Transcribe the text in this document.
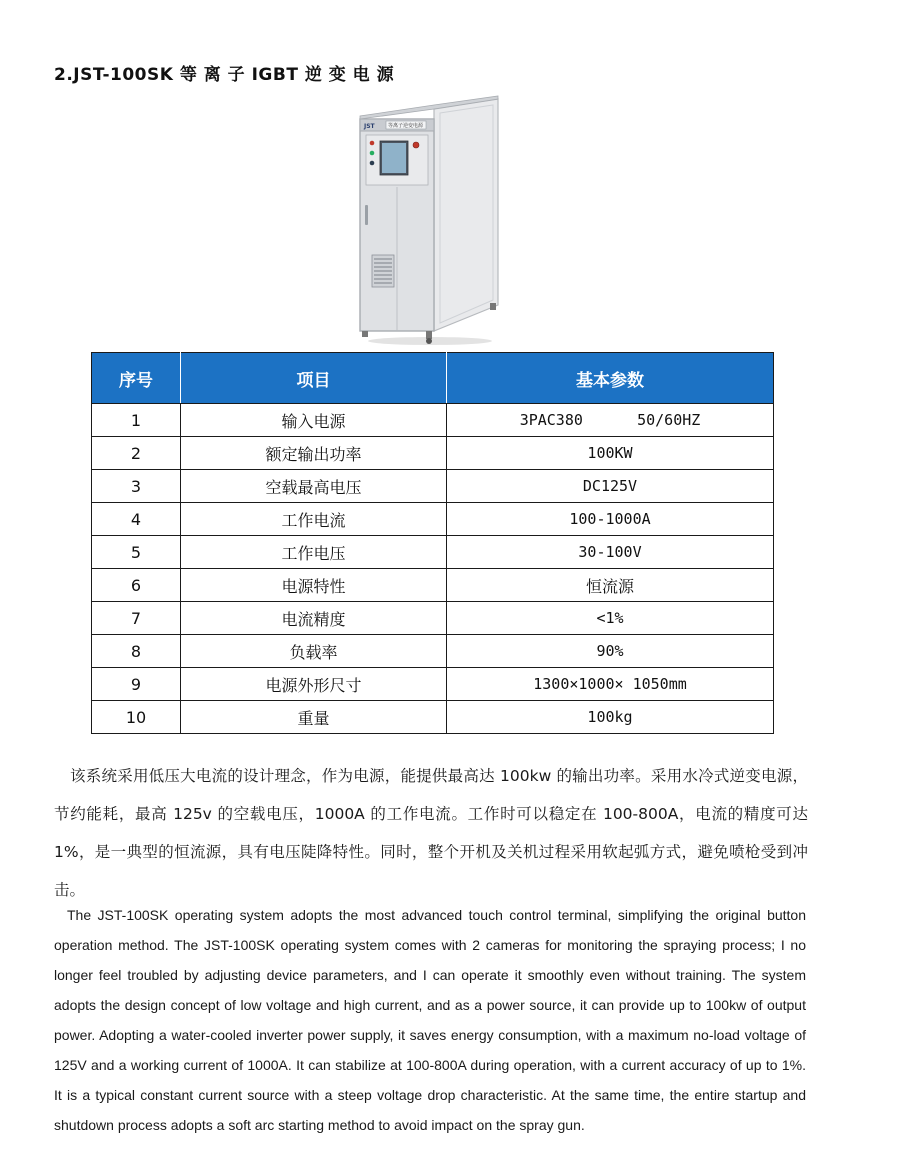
2.JST-100SK 等 离 子 IGBT 逆 变 电 源
JST	等离子逆变电源
序号	项目	基本参数
1	输入电源	3PAC380      50/60HZ
2	额定输出功率	100KW
3	空载最高电压	DC125V
4	工作电流	100-1000A
5	工作电压	30-100V
6	电源特性	恒流源
7	电流精度	<1%
8	负载率	90%
9	电源外形尺寸	1300×1000× 1050mm
10	重量	100kg

该系统采用低压大电流的设计理念，作为电源，能提供最高达 100kw 的输出功率。采用水冷式逆变电源，节约能耗，最高 125v 的空载电压，1000A 的工作电流。工作时可以稳定在 100-800A，电流的精度可达 1%，是一典型的恒流源，具有电压陡降特性。同时，整个开机及关机过程采用软起弧方式，避免喷枪受到冲击。

The JST-100SK operating system adopts the most advanced touch control terminal, simplifying the original button operation method. The JST-100SK operating system comes with 2 cameras for monitoring the spraying process; I no longer feel troubled by adjusting device parameters, and I can operate it smoothly even without training. The system adopts the design concept of low voltage and high current, and as a power source, it can provide up to 100kw of output power. Adopting a water-cooled inverter power supply, it saves energy consumption, with a maximum no-load voltage of 125V and a working current of 1000A. It can stabilize at 100-800A during operation, with a current accuracy of up to 1%. It is a typical constant current source with a steep voltage drop characteristic. At the same time, the entire startup and shutdown process adopts a soft arc starting method to avoid impact on the spray gun.
